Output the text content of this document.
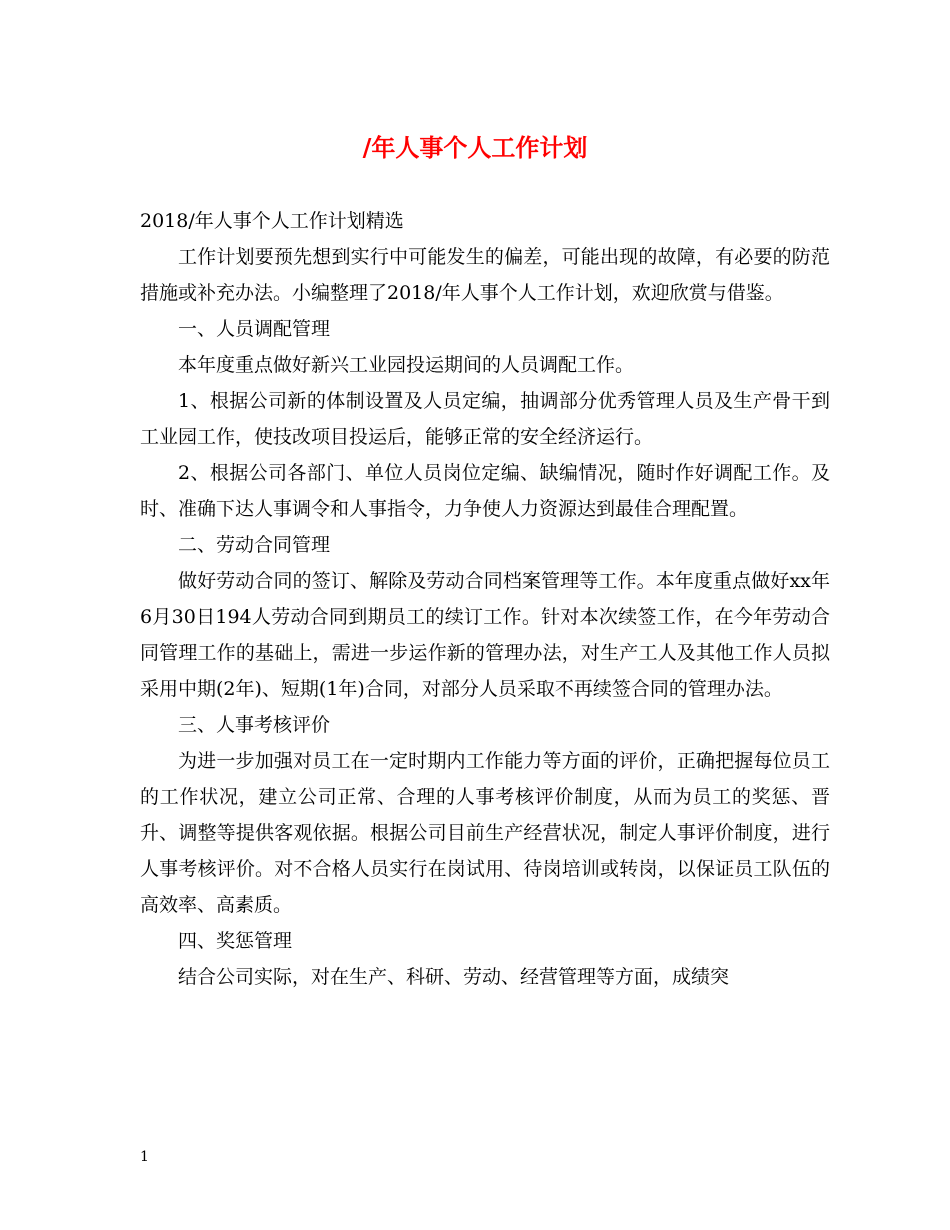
/年人事个人工作计划

2018/年人事个人工作计划精选

工作计划要预先想到实行中可能发生的偏差，可能出现的故障，有必要的防范措施或补充办法。小编整理了2018/年人事个人工作计划，欢迎欣赏与借鉴。

一、人员调配管理

本年度重点做好新兴工业园投运期间的人员调配工作。

1、根据公司新的体制设置及人员定编，抽调部分优秀管理人员及生产骨干到工业园工作，使技改项目投运后，能够正常的安全经济运行。

2、根据公司各部门、单位人员岗位定编、缺编情况，随时作好调配工作。及时、准确下达人事调令和人事指令，力争使人力资源达到最佳合理配置。

二、劳动合同管理

做好劳动合同的签订、解除及劳动合同档案管理等工作。本年度重点做好xx年6月30日194人劳动合同到期员工的续订工作。针对本次续签工作，在今年劳动合同管理工作的基础上，需进一步运作新的管理办法，对生产工人及其他工作人员拟采用中期(2年)、短期(1年)合同，对部分人员采取不再续签合同的管理办法。

三、人事考核评价

为进一步加强对员工在一定时期内工作能力等方面的评价，正确把握每位员工的工作状况，建立公司正常、合理的人事考核评价制度，从而为员工的奖惩、晋升、调整等提供客观依据。根据公司目前生产经营状况，制定人事评价制度，进行人事考核评价。对不合格人员实行在岗试用、待岗培训或转岗，以保证员工队伍的高效率、高素质。

四、奖惩管理

结合公司实际，对在生产、科研、劳动、经营管理等方面，成绩突

1
